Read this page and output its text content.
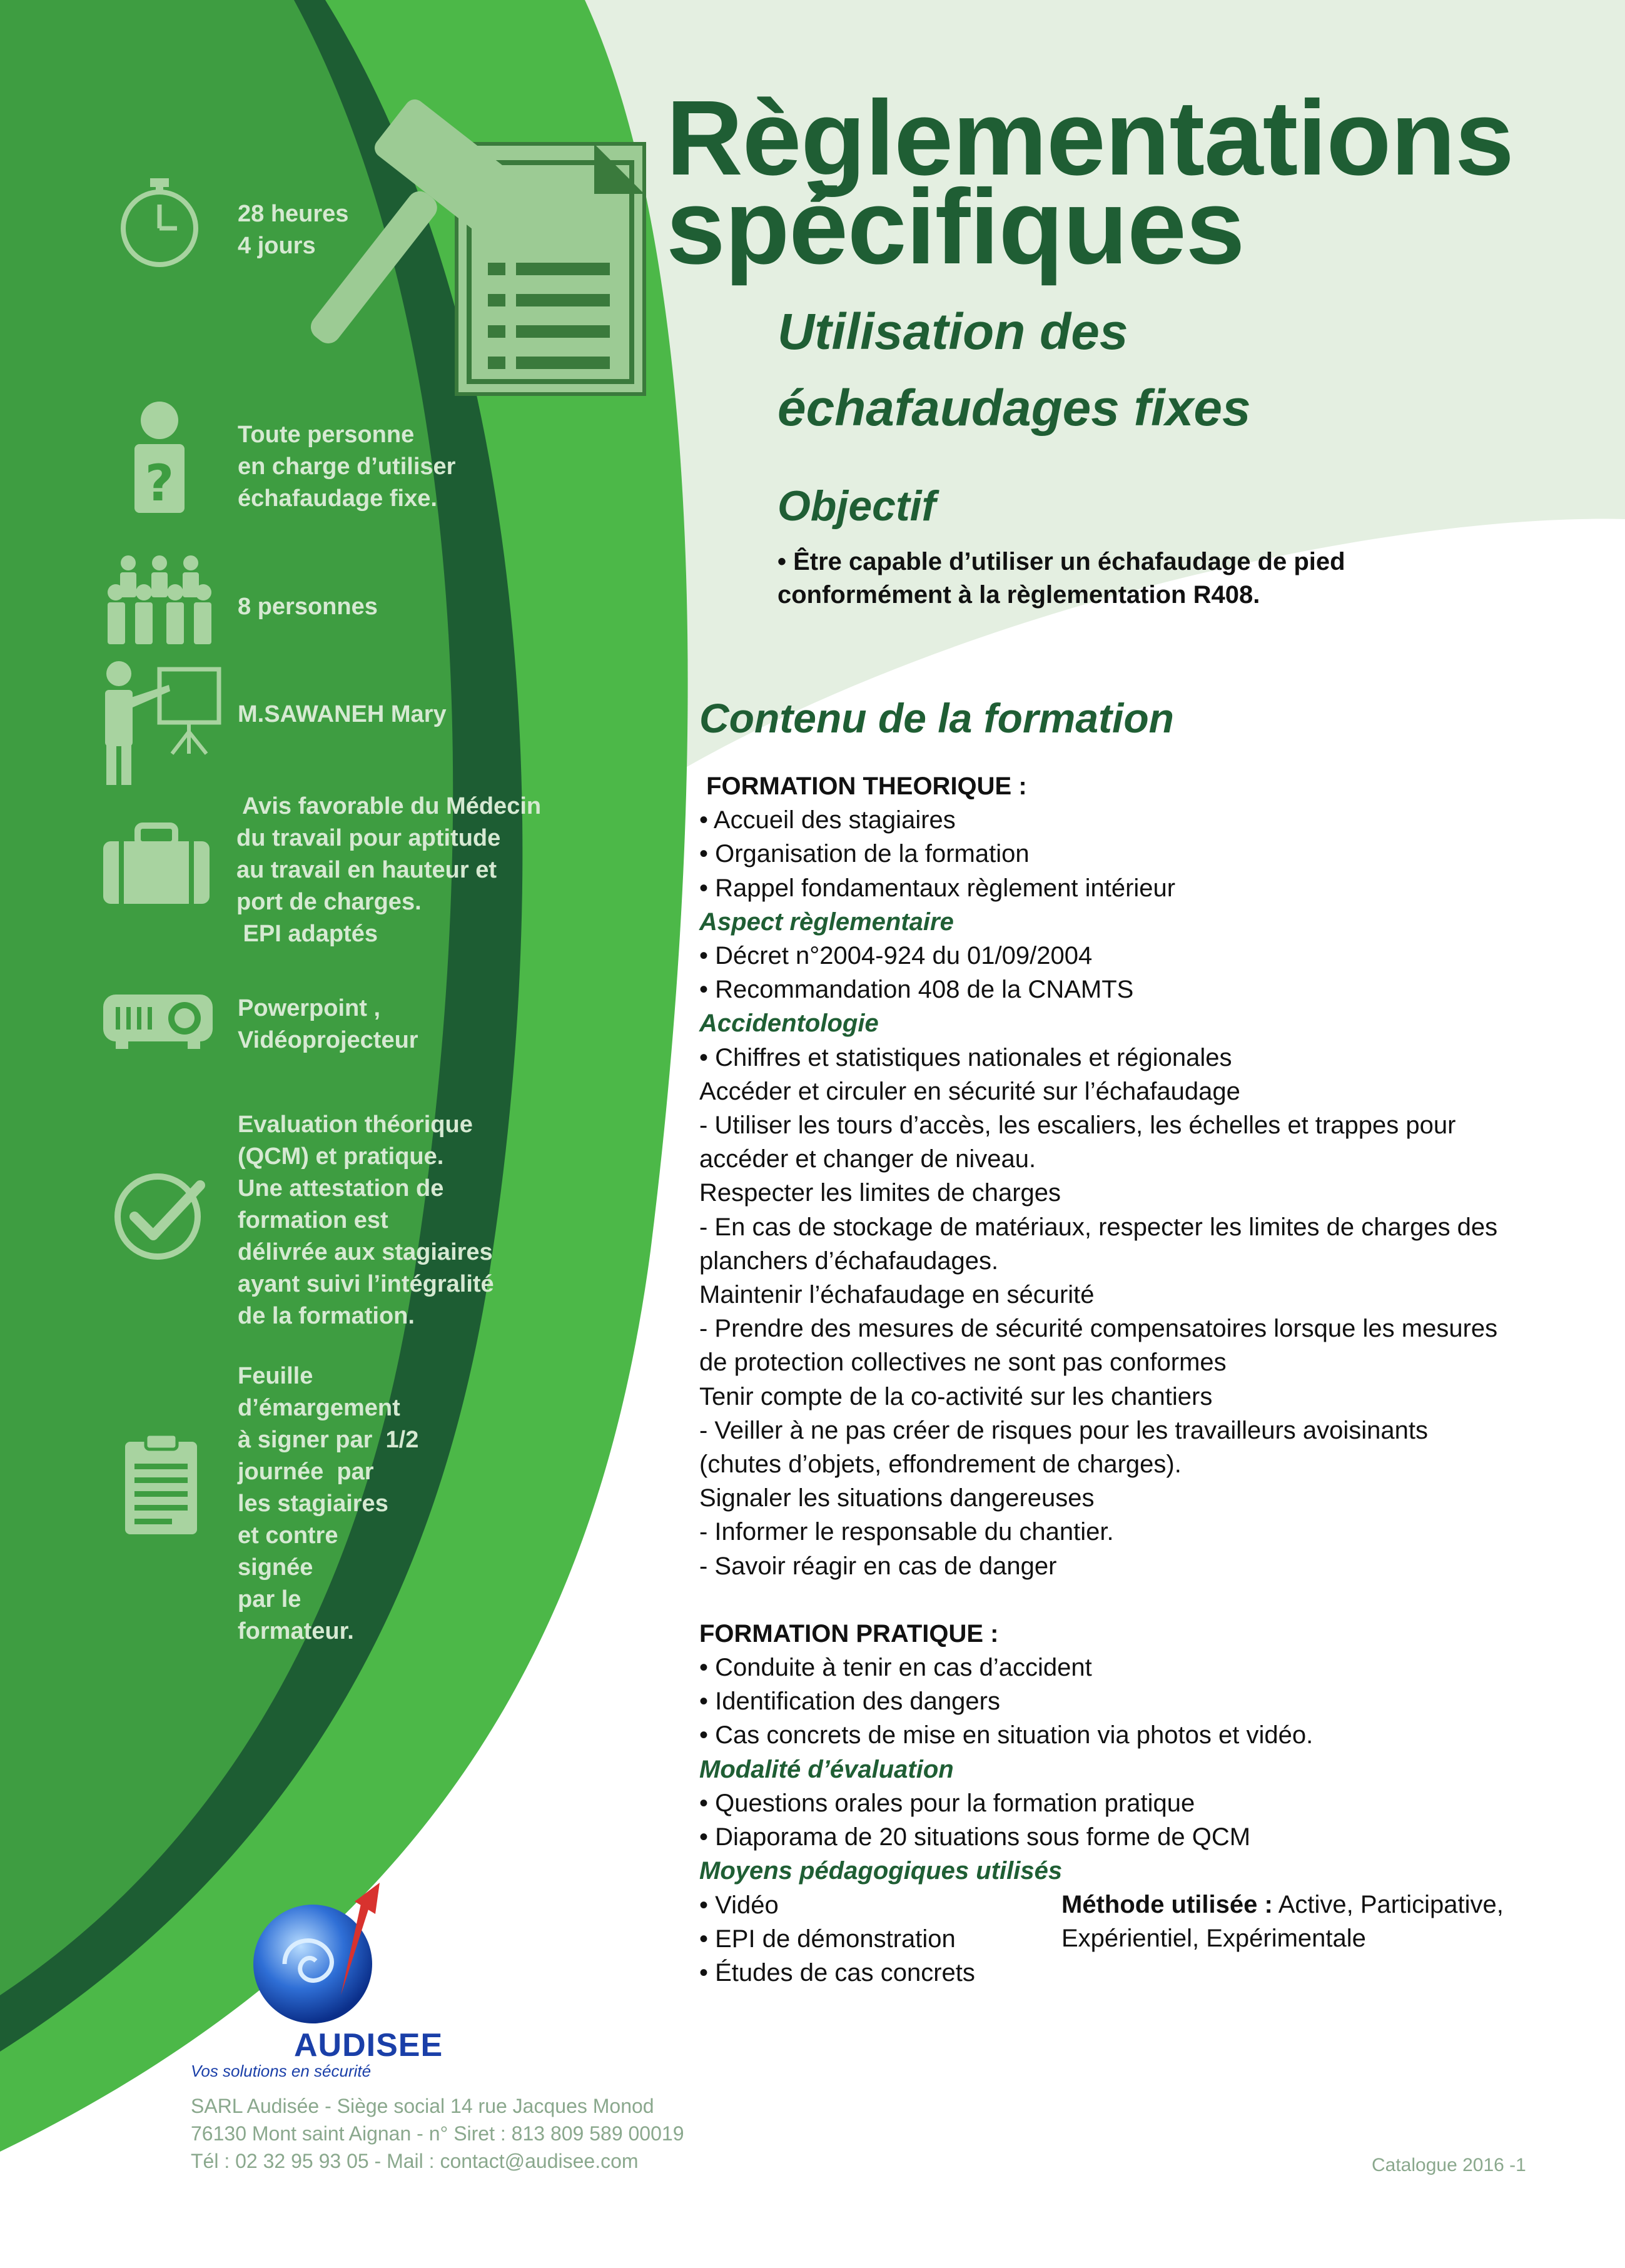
28 heures
4 jours
?
Toute personne
en charge d’utiliser
échafaudage fixe.
8 personnes
M.SAWANEH Mary
Avis favorable du Médecin
du travail pour aptitude
au travail en hauteur et
port de charges.
EPI adaptés
Powerpoint ,
Vidéoprojecteur
Evaluation théorique
(QCM) et pratique.
Une attestation de
formation est
délivrée aux stagiaires
ayant suivi l’intégralité
de la formation.
Feuille
d’émargement
à signer par  1/2
journée  par
les stagiaires
et contre
signée
par le
formateur.
Règlementations
spécifiques
Utilisation des
échafaudages fixes
Objectif
• Être capable d’utiliser un échafaudage de pied
conformément à la règlementation R408.
Contenu de la formation
FORMATION THEORIQUE :
• Accueil des stagiaires
• Organisation de la formation
• Rappel fondamentaux règlement intérieur
Aspect règlementaire
• Décret n°2004-924 du 01/09/2004
• Recommandation 408 de la CNAMTS
Accidentologie
• Chiffres et statistiques nationales et régionales
Accéder et circuler en sécurité sur l’échafaudage
- Utiliser les tours d’accès, les escaliers, les échelles et trappes pour
accéder et changer de niveau.
Respecter les limites de charges
- En cas de stockage de matériaux, respecter les limites de charges des
planchers d’échafaudages.
Maintenir l’échafaudage en sécurité
- Prendre des mesures de sécurité compensatoires lorsque les mesures
de protection collectives ne sont pas conformes
Tenir compte de la co-activité sur les chantiers
- Veiller à ne pas créer de risques pour les travailleurs avoisinants
(chutes d’objets, effondrement de charges).
Signaler les situations dangereuses
- Informer le responsable du chantier.
- Savoir réagir en cas de danger
FORMATION PRATIQUE :
• Conduite à tenir en cas d’accident
• Identification des dangers
• Cas concrets de mise en situation via photos et vidéo.
Modalité d’évaluation
• Questions orales pour la formation pratique
• Diaporama de 20 situations sous forme de QCM
Moyens pédagogiques utilisés
• Vidéo
• EPI de démonstration
• Études de cas concrets
Méthode utilisée : Active, Participative,
Expérientiel, Expérimentale
AUDISEE
Vos solutions en sécurité
SARL Audisée - Siège social 14 rue Jacques Monod
76130 Mont saint Aignan - n° Siret : 813 809 589 00019
Tél : 02 32 95 93 05 - Mail : contact@audisee.com	Catalogue 2016 -1
